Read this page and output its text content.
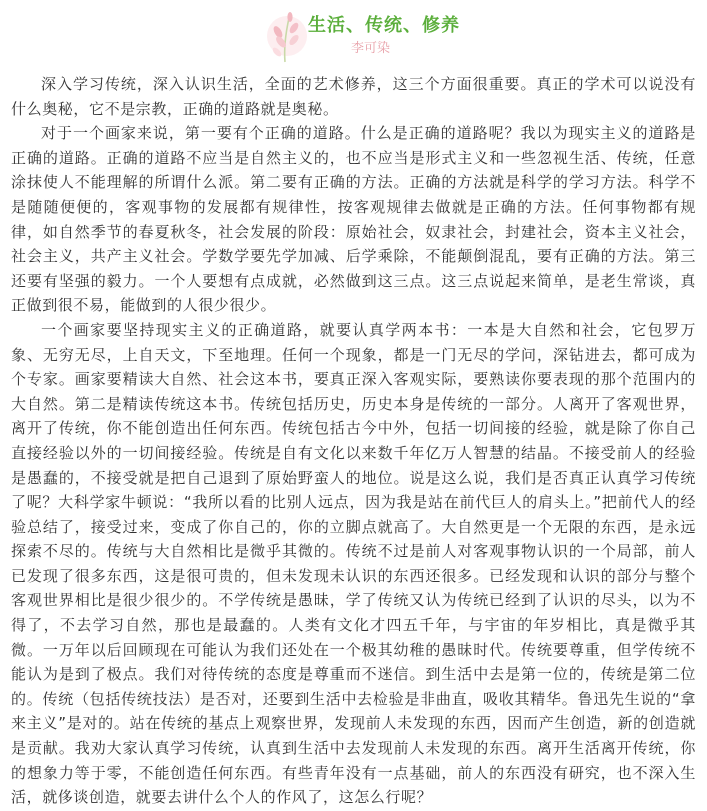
生活、传统、修养
李可染

深入学习传统，深入认识生活，全面的艺术修养，这三个方面很重要。真正的学术可以说没有什么奥秘，它不是宗教，正确的道路就是奥秘。

对于一个画家来说，第一要有个正确的道路。什么是正确的道路呢？我以为现实主义的道路是正确的道路。正确的道路不应当是自然主义的，也不应当是形式主义和一些忽视生活、传统，任意涂抹使人不能理解的所谓什么派。第二要有正确的方法。正确的方法就是科学的学习方法。科学不是随随便便的，客观事物的发展都有规律性，按客观规律去做就是正确的方法。任何事物都有规律，如自然季节的春夏秋冬，社会发展的阶段：原始社会，奴隶社会，封建社会，资本主义社会，社会主义，共产主义社会。学数学要先学加减、后学乘除，不能颠倒混乱，要有正确的方法。第三还要有坚强的毅力。一个人要想有点成就，必然做到这三点。这三点说起来简单，是老生常谈，真正做到很不易，能做到的人很少很少。

一个画家要坚持现实主义的正确道路，就要认真学两本书：一本是大自然和社会，它包罗万象、无穷无尽，上自天文，下至地理。任何一个现象，都是一门无尽的学问，深钻进去，都可成为个专家。画家要精读大自然、社会这本书，要真正深入客观实际，要熟读你要表现的那个范围内的大自然。第二是精读传统这本书。传统包括历史，历史本身是传统的一部分。人离开了客观世界，离开了传统，你不能创造出任何东西。传统包括古今中外，包括一切间接的经验，就是除了你自己直接经验以外的一切间接经验。传统是自有文化以来数千年亿万人智慧的结晶。不接受前人的经验是愚蠢的，不接受就是把自己退到了原始野蛮人的地位。说是这么说，我们是否真正认真学习传统了呢？大科学家牛顿说：“我所以看的比别人远点，因为我是站在前代巨人的肩头上。”把前代人的经验总结了，接受过来，变成了你自己的，你的立脚点就高了。大自然更是一个无限的东西，是永远探索不尽的。传统与大自然相比是微乎其微的。传统不过是前人对客观事物认识的一个局部，前人已发现了很多东西，这是很可贵的，但未发现未认识的东西还很多。已经发现和认识的部分与整个客观世界相比是很少很少的。不学传统是愚昧，学了传统又认为传统已经到了认识的尽头，以为不得了，不去学习自然，那也是最蠢的。人类有文化才四五千年，与宇宙的年岁相比，真是微乎其微。一万年以后回顾现在可能认为我们还处在一个极其幼稚的愚昧时代。传统要尊重，但学传统不能认为是到了极点。我们对待传统的态度是尊重而不迷信。到生活中去是第一位的，传统是第二位的。传统（包括传统技法）是否对，还要到生活中去检验是非曲直，吸收其精华。鲁迅先生说的“拿来主义”是对的。站在传统的基点上观察世界，发现前人未发现的东西，因而产生创造，新的创造就是贡献。我劝大家认真学习传统，认真到生活中去发现前人未发现的东西。离开生活离开传统，你的想象力等于零，不能创造任何东西。有些青年没有一点基础，前人的东西没有研究，也不深入生活，就侈谈创造，就要去讲什么个人的作风了，这怎么行呢？
